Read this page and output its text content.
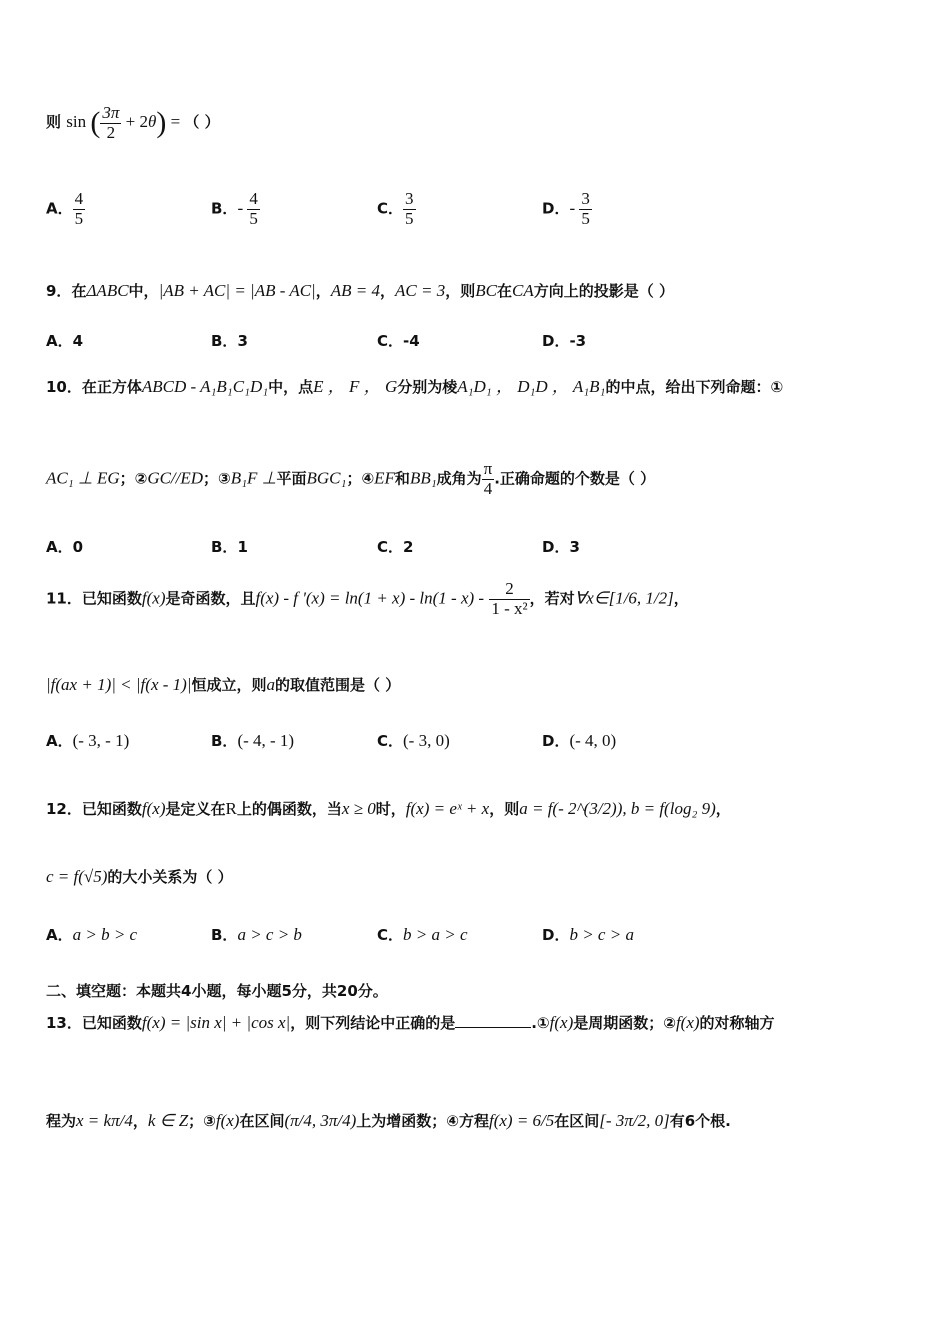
则 sin ( $\frac{3\pi}{2} + 2\theta$) = （ ）
A． $\frac{4}{5}$	B．- $\frac{4}{5}$	C． $\frac{3}{5}$	D．- $\frac{3}{5}$
9．在ΔABC中，|AB + AC| = |AB - AC|，AB = 4，AC = 3，则BC在CA方向上的投影是（ ）
A．4	B．3	C．-4	D．-3
10．在正方体ABCD - A₁B₁C₁D₁中，点E ， F ， G分别为棱A₁D₁ ， D₁D ， A₁B₁的中点，给出下列命题：①
AC₁ ⊥ EG；②GC//ED；③B₁F ⊥平面BGC₁；④EF和BB₁成角为 $\frac{\pi}{4}$ .正确命题的个数是（ ）
A．0	B．1	C．2	D．3
11．已知函数f(x)是奇函数，且f(x) - f '$(x) = \ln(1 + x) - \ln(1 - x) - \frac{2}{\text{1 - x²}}$ ，若对∀x∈[1/6, 1/2]，
|f(ax + 1)| < |f(x - 1)|恒成立，则a的取值范围是（ ）
A．(- 3, - 1)	B．(- 4, - 1)	C．(- 3, 0)	D．(- 4, 0)
12．已知函数f(x)是定义在R上的偶函数，当x ≥ 0时，f(x) = eˣ + x，则a = f(- 2^(3/2)), b = f(log₂ 9)，
c = f(√5)的大小关系为（ ）
A．a > b > c	B．a > c > b	C．b > a > c	D．b > c > a
二、填空题：本题共4小题，每小题5分，共20分。
13．已知函数f(x) = |sin x| + |cos x|，则下列结论中正确的是	.①f(x)是周期函数；②f(x)的对称轴方
程为x = kπ/4，k ∈ Z；③f(x)在区间(π/4, 3π/4)上为增函数；④方程f(x) = 6/5在区间[- 3π/2, 0]有6个根.
